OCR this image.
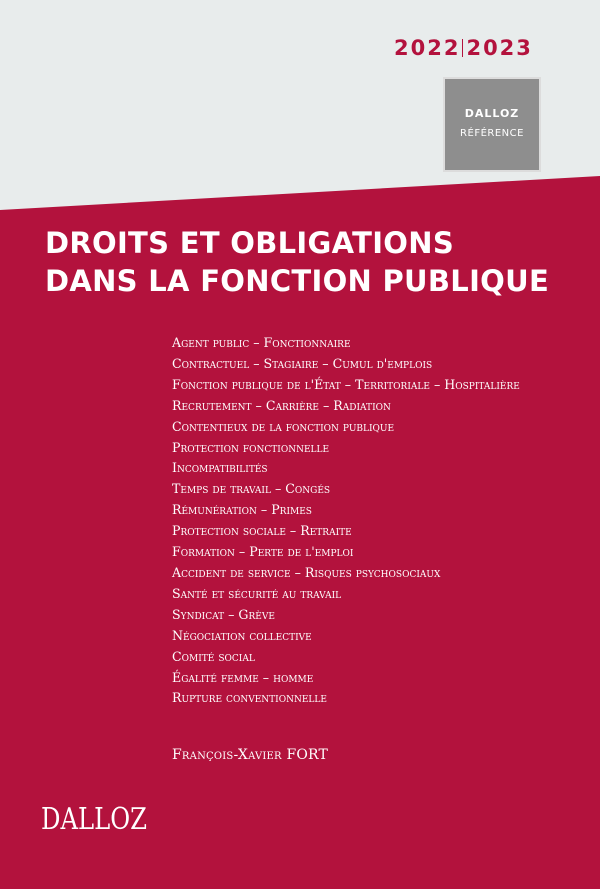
2022 2023
DALLOZ
RÉFÉRENCE
DROITS ET OBLIGATIONS
DANS LA FONCTION PUBLIQUE
Agent public – Fonctionnaire
Contractuel – Stagiaire – Cumul d'emplois
Fonction publique de l'État – Territoriale – Hospitalière
Recrutement – Carrière – Radiation
Contentieux de la fonction publique
Protection fonctionnelle
Incompatibilités
Temps de travail – Congés
Rémunération – Primes
Protection sociale – Retraite
Formation – Perte de l'emploi
Accident de service – Risques psychosociaux
Santé et sécurité au travail
Syndicat – Grève
Négociation collective
Comité social
Égalité femme – homme
Rupture conventionnelle
François-Xavier FORT
DALLOZ
